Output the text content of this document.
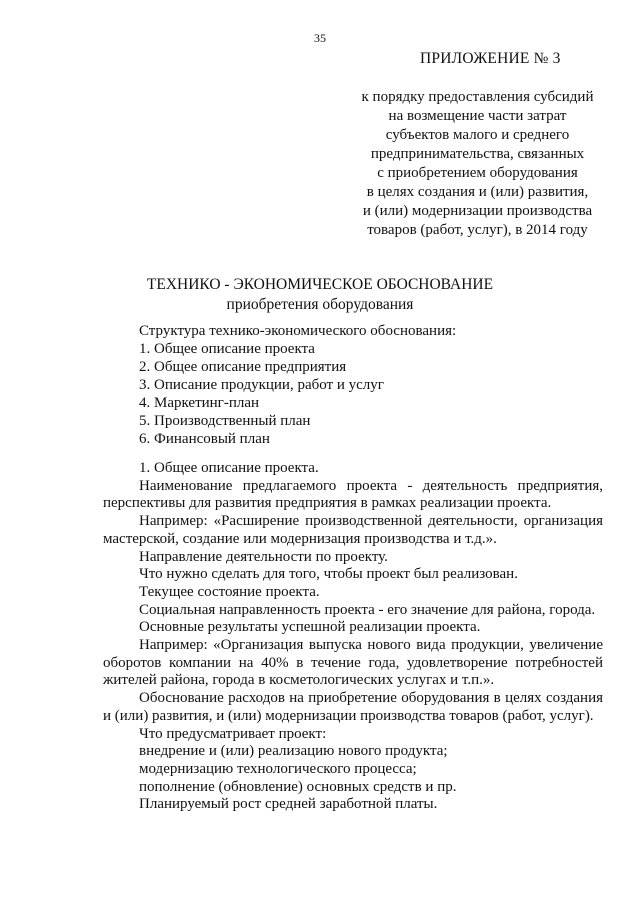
35
ПРИЛОЖЕНИЕ № 3
к порядку предоставления субсидий
на возмещение части затрат
субъектов малого и среднего
предпринимательства, связанных
с приобретением оборудования
в целях создания и (или) развития,
и (или) модернизации производства
товаров (работ, услуг), в 2014 году
ТЕХНИКО - ЭКОНОМИЧЕСКОЕ ОБОСНОВАНИЕ
приобретения оборудования
Структура технико-экономического обоснования:
1. Общее описание проекта
2. Общее описание предприятия
3. Описание продукции, работ и услуг
4. Маркетинг-план
5. Производственный план
6. Финансовый план

1. Общее описание проекта.

Наименование предлагаемого проекта - деятельность предприятия, перспективы для развития предприятия в рамках реализации проекта.

Например: «Расширение производственной деятельности, организация мастерской, создание или модернизация производства и т.д.».

Направление деятельности по проекту.

Что нужно сделать для того, чтобы проект был реализован.

Текущее состояние проекта.

Социальная направленность проекта - его значение для района, города.

Основные результаты успешной реализации проекта.

Например: «Организация выпуска нового вида продукции, увеличение оборотов компании на 40% в течение года, удовлетворение потребностей жителей района, города в косметологических услугах и т.п.».

Обоснование расходов на приобретение оборудования в целях создания и (или) развития, и (или) модернизации производства товаров (работ, услуг).

Что предусматривает проект:

внедрение и (или) реализацию нового продукта;

модернизацию технологического процесса;

пополнение (обновление) основных средств и пр.

Планируемый рост средней заработной платы.
